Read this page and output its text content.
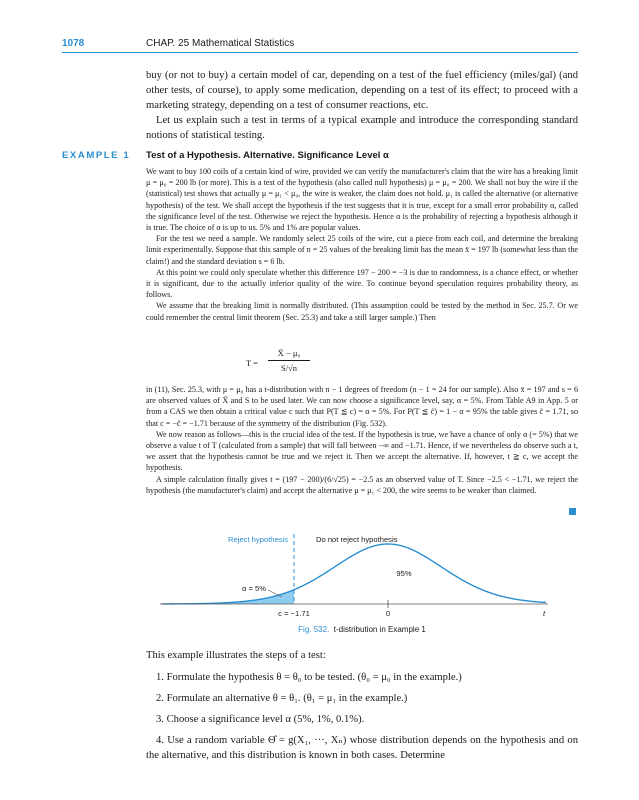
1078	CHAP. 25 Mathematical Statistics

buy (or not to buy) a certain model of car, depending on a test of the fuel efficiency (miles/gal) (and other tests, of course), to apply some medication, depending on a test of its effect; to proceed with a marketing strategy, depending on a test of consumer reactions, etc.

Let us explain such a test in terms of a typical example and introduce the corresponding standard notions of statistical testing.

EXAMPLE 1 Test of a Hypothesis. Alternative. Significance Level α

We want to buy 100 coils of a certain kind of wire, provided we can verify the manufacturer's claim that the wire has a breaking limit μ = μ₀ = 200 lb (or more). This is a test of the hypothesis (also called null hypothesis) μ = μ₀ = 200. We shall not buy the wire if the (statistical) test shows that actually μ = μ₁ < μ₀, the wire is weaker, the claim does not hold. μ₁ is called the alternative (or alternative hypothesis) of the test. We shall accept the hypothesis if the test suggests that it is true, except for a small error probability α, called the significance level of the test. Otherwise we reject the hypothesis. Hence α is the probability of rejecting a hypothesis although it is true. The choice of α is up to us. 5% and 1% are popular values.

For the test we need a sample. We randomly select 25 coils of the wire, cut a piece from each coil, and determine the breaking limit experimentally. Suppose that this sample of n = 25 values of the breaking limit has the mean x̄ = 197 lb (somewhat less than the claim!) and the standard deviation s = 6 lb.

At this point we could only speculate whether this difference 197 − 200 = −3 is due to randomness, is a chance effect, or whether it is significant, due to the actually inferior quality of the wire. To continue beyond speculation requires probability theory, as follows.

We assume that the breaking limit is normally distributed. (This assumption could be tested by the method in Sec. 25.7. Or we could remember the central limit theorem (Sec. 25.3) and take a still larger sample.) Then

T =
X̄ − μ₀
S/√n

in (11), Sec. 25.3, with μ = μ₀ has a t-distribution with n − 1 degrees of freedom (n − 1 = 24 for our sample). Also x̄ = 197 and s = 6 are observed values of X̄ and S to be used later. We can now choose a significance level, say, α = 5%. From Table A9 in App. 5 or from a CAS we then obtain a critical value c such that P(T ≦ c) = α = 5%. For P(T ≦ c̃) = 1 − α = 95% the table gives c̃ = 1.71, so that c = −c̃ = −1.71 because of the symmetry of the distribution (Fig. 532).

We now reason as follows—this is the crucial idea of the test. If the hypothesis is true, we have a chance of only α (= 5%) that we observe a value t of T (calculated from a sample) that will fall between −∞ and −1.71. Hence, if we nevertheless do observe such a t, we assert that the hypothesis cannot be true and we reject it. Then we accept the alternative. If, however, t ≧ c, we accept the hypothesis.

A simple calculation finally gives t = (197 − 200)/(6/√25) = −2.5 as an observed value of T. Since −2.5 < −1.71, we reject the hypothesis (the manufacturer's claim) and accept the alternative μ = μ₁ < 200, the wire seems to be weaker than claimed.

Reject hypothesis	Do not reject hypothesis
95%
α = 5%
c = −1.71	0	t
Fig. 532. t-distribution in Example 1
This example illustrates the steps of a test:

1. Formulate the hypothesis θ = θ₀ to be tested. (θ₀ = μ₀ in the example.)

2. Formulate an alternative θ = θ₁. (θ₁ = μ₁ in the example.)

3. Choose a significance level α (5%, 1%, 0.1%).

4. Use a random variable Θ̂ = g(X₁, ···, Xₙ) whose distribution depends on the hypothesis and on the alternative, and this distribution is known in both cases. Determine
